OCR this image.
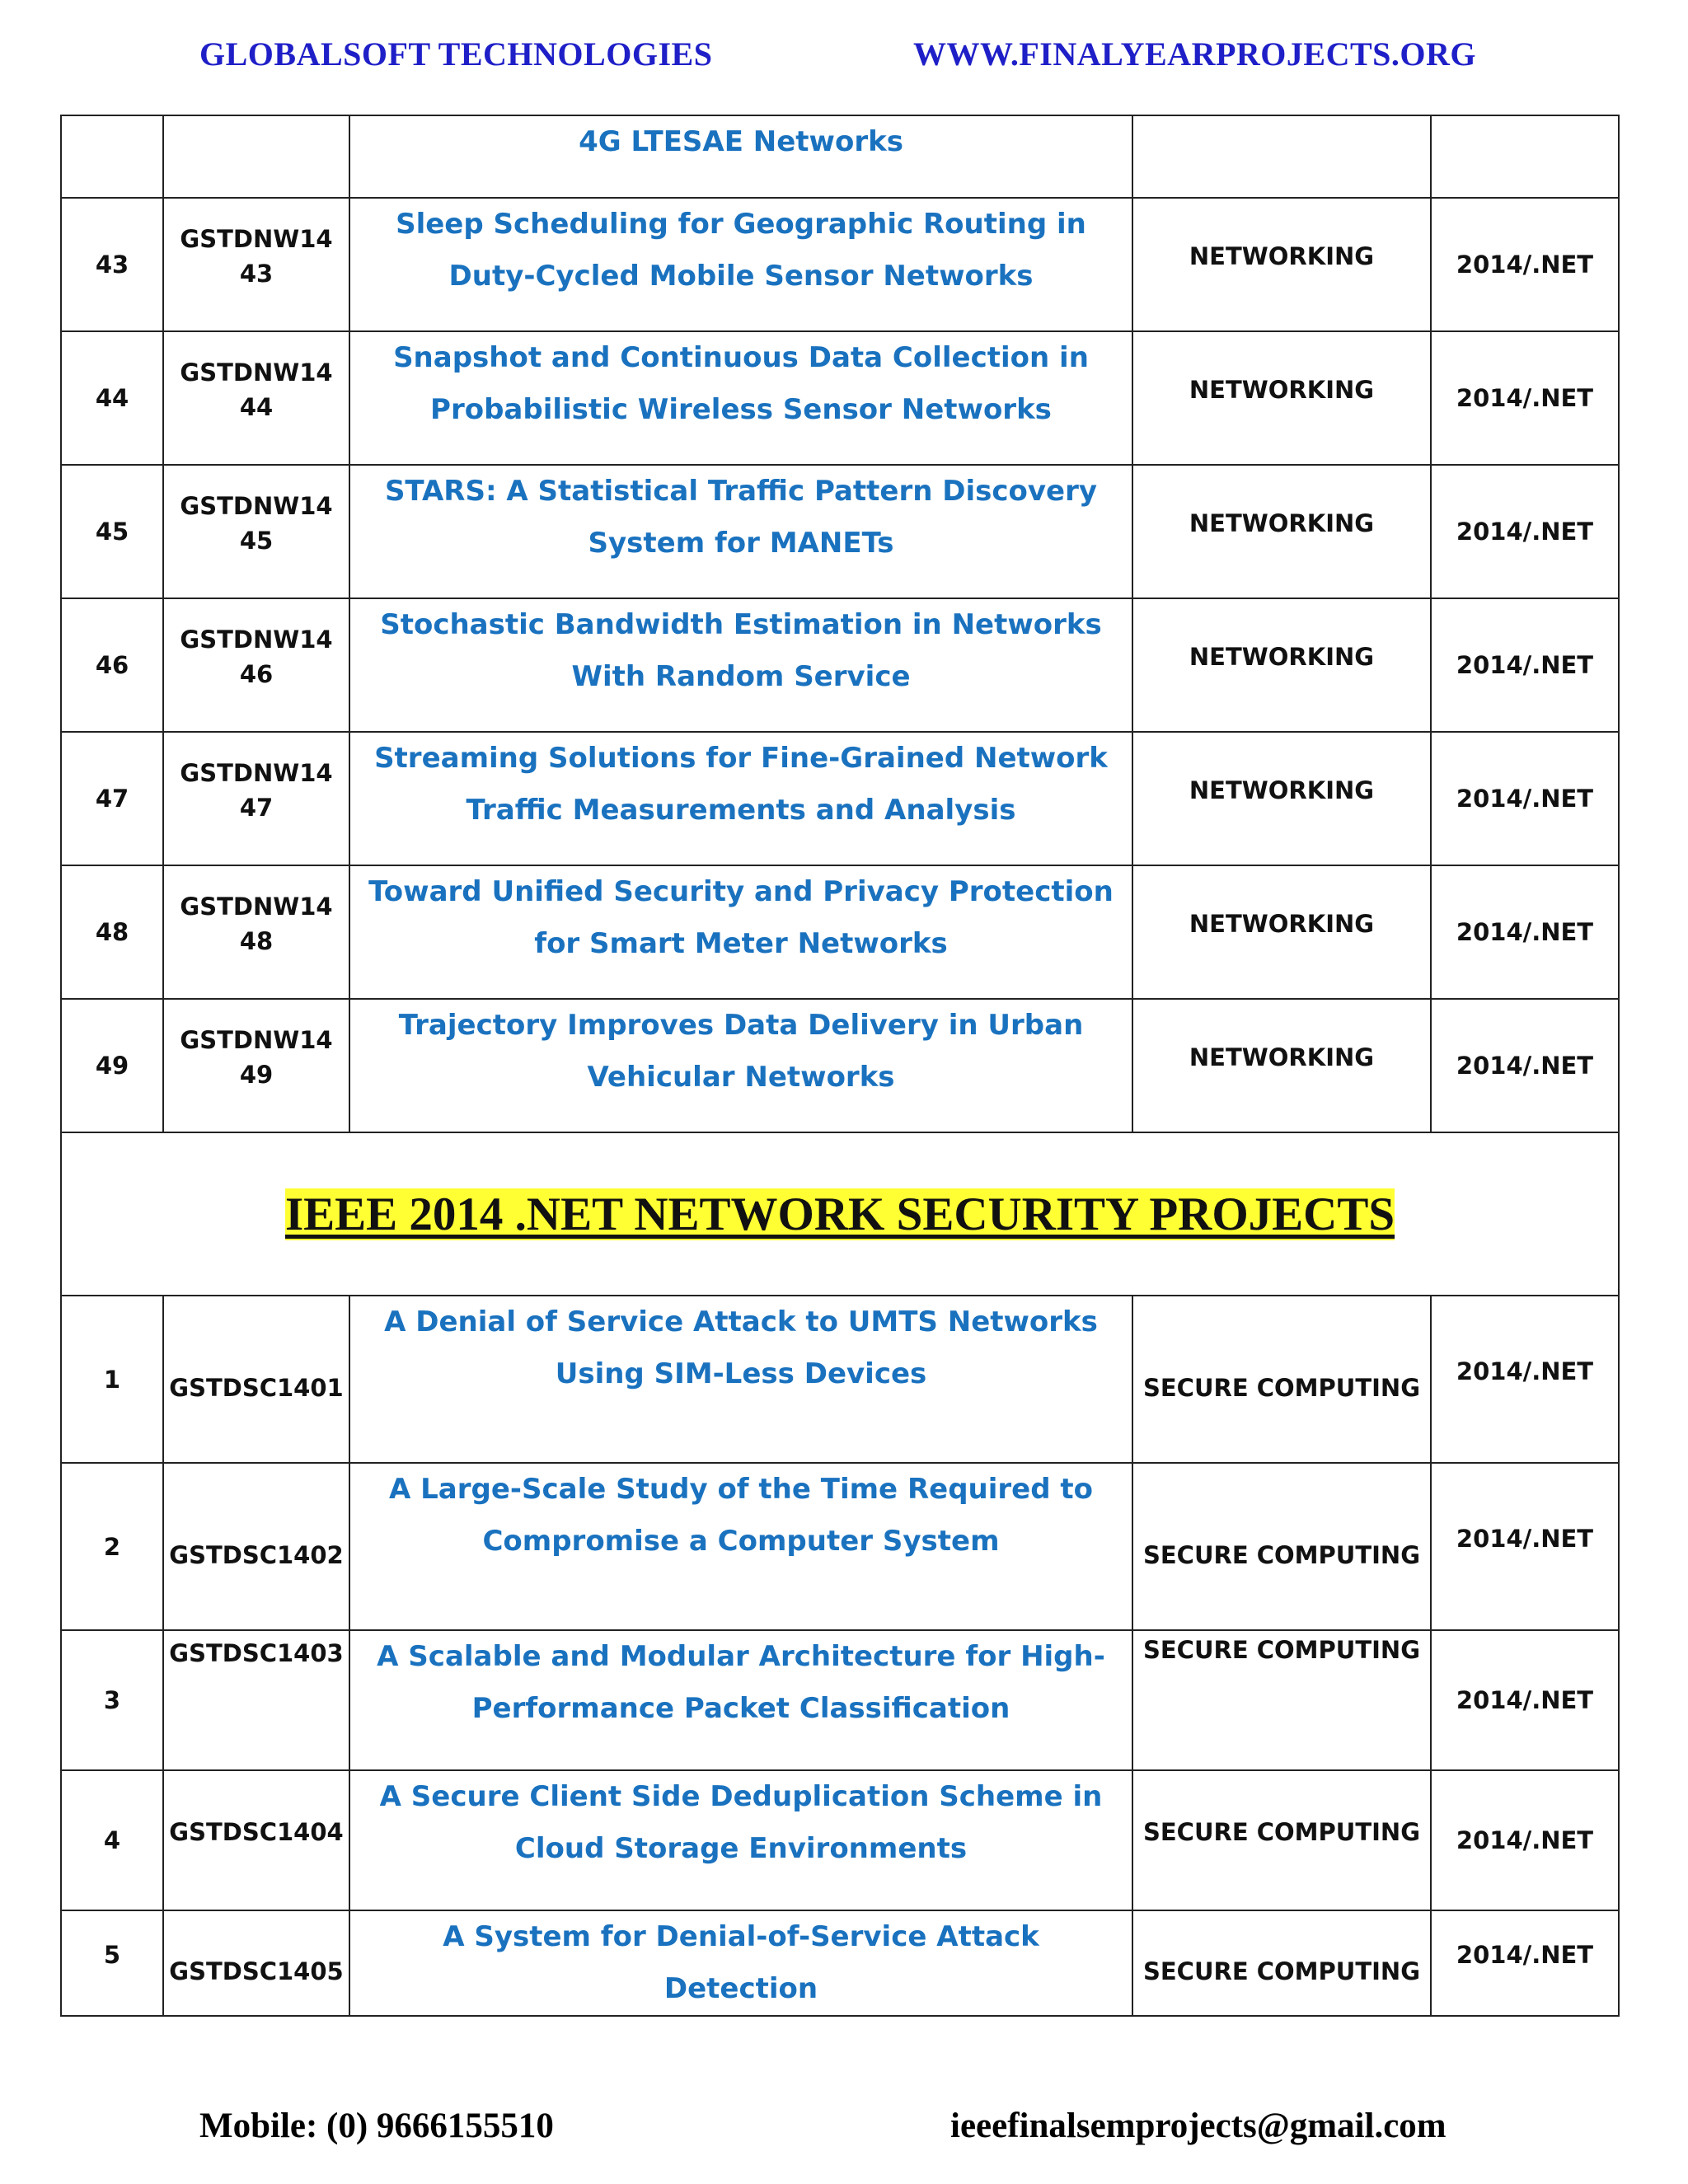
GLOBALSOFT TECHNOLOGIES	WWW.FINALYEARPROJECTS.ORG
		4G LTESAE Networks		
43	GSTDNW1443	Sleep Scheduling for Geographic Routing in Duty-Cycled Mobile Sensor Networks	NETWORKING	2014/.NET
44	GSTDNW1444	Snapshot and Continuous Data Collection in Probabilistic Wireless Sensor Networks	NETWORKING	2014/.NET
45	GSTDNW1445	STARS: A Statistical Traffic Pattern Discovery System for MANETs	NETWORKING	2014/.NET
46	GSTDNW1446	Stochastic Bandwidth Estimation in Networks With Random Service	NETWORKING	2014/.NET
47	GSTDNW1447	Streaming Solutions for Fine-Grained Network Traffic Measurements and Analysis	NETWORKING	2014/.NET
48	GSTDNW1448	Toward Unified Security and Privacy Protection for Smart Meter Networks	NETWORKING	2014/.NET
49	GSTDNW1449	Trajectory Improves Data Delivery in Urban Vehicular Networks	NETWORKING	2014/.NET
IEEE 2014 .NET NETWORK SECURITY PROJECTS				
1	GSTDSC1401	A Denial of Service Attack to UMTS Networks Using SIM-Less Devices	SECURE COMPUTING	2014/.NET
2	GSTDSC1402	A Large-Scale Study of the Time Required to Compromise a Computer System	SECURE COMPUTING	2014/.NET
3	GSTDSC1403	A Scalable and Modular Architecture for High-Performance Packet Classification	SECURE COMPUTING	2014/.NET
4	GSTDSC1404	A Secure Client Side Deduplication Scheme in Cloud Storage Environments	SECURE COMPUTING	2014/.NET
5	GSTDSC1405	A System for Denial-of-Service Attack Detection	SECURE COMPUTING	2014/.NET
Mobile: (0) 9666155510	ieeefinalsemprojects@gmail.com
